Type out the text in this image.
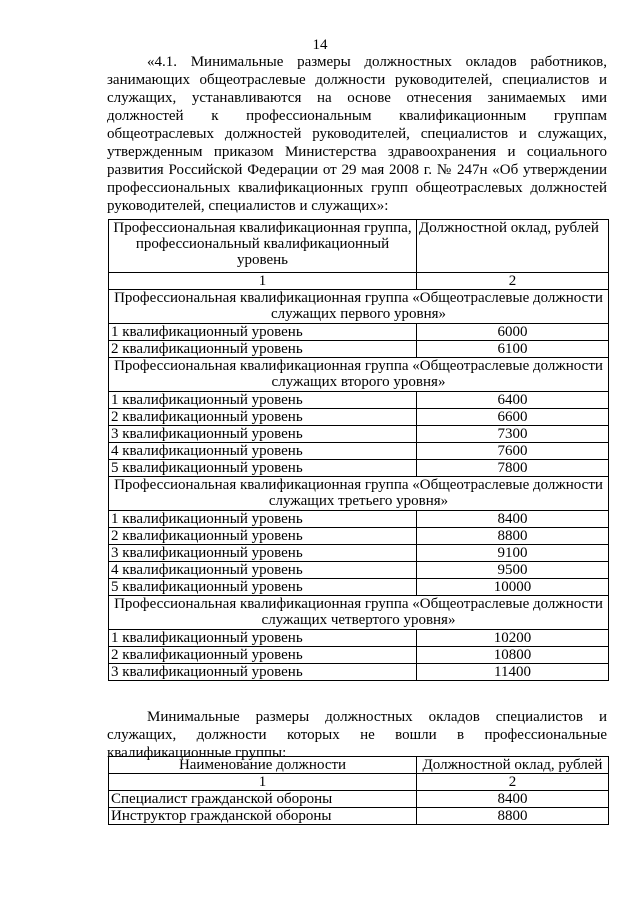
14

«4.1. Минимальные размеры должностных окладов работников, занимающих общеотраслевые должности руководителей, специалистов и служащих, устанавливаются на основе отнесения занимаемых ими должностей к профессиональным квалификационным группам общеотраслевых должностей руководителей, специалистов и служащих, утвержденным приказом Министерства здравоохранения и социального развития Российской Федерации от 29 мая 2008 г. № 247н «Об утверждении профессиональных квалификационных групп общеотраслевых должностей руководителей, специалистов и служащих»:

Профессиональная квалификационная группа, профессиональный квалификационный уровень	Должностной оклад, рублей
1	2
Профессиональная квалификационная группа «Общеотраслевые должности служащих первого уровня»	
1 квалификационный уровень	6000
2 квалификационный уровень	6100
Профессиональная квалификационная группа «Общеотраслевые должности служащих второго уровня»	
1 квалификационный уровень	6400
2 квалификационный уровень	6600
3 квалификационный уровень	7300
4 квалификационный уровень	7600
5 квалификационный уровень	7800
Профессиональная квалификационная группа «Общеотраслевые должности служащих третьего уровня»	
1 квалификационный уровень	8400
2 квалификационный уровень	8800
3 квалификационный уровень	9100
4 квалификационный уровень	9500
5 квалификационный уровень	10000
Профессиональная квалификационная группа «Общеотраслевые должности служащих четвертого уровня»	
1 квалификационный уровень	10200
2 квалификационный уровень	10800
3 квалификационный уровень	11400

Минимальные размеры должностных окладов специалистов и служащих, должности которых не вошли в профессиональные квалификационные группы:

Наименование должности	Должностной оклад, рублей
1	2
Специалист гражданской обороны	8400
Инструктор гражданской обороны	8800
